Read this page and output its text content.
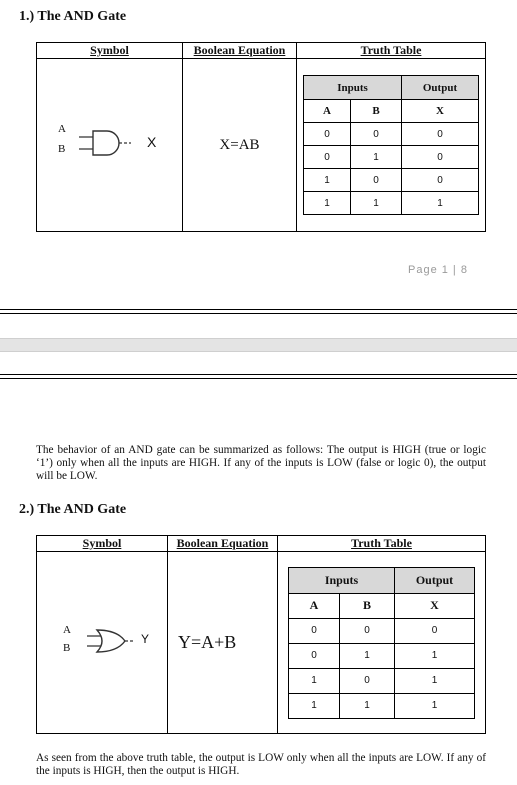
1.) The AND Gate
Symbol	Boolean Equation	Truth Table

A
B	X	X=AB	
Inputs	Output
A	B	X
0	0	0
0	1	0
1	0	0
1	1	1
Page 1 | 8
The behavior of an AND gate can be summarized as follows: The output is HIGH (true or logic ‘1’) only when all the inputs are HIGH. If any of the inputs is LOW (false or logic 0), the output will be LOW.
2.) The AND Gate
Symbol	Boolean Equation	Truth Table

A
B
Y	Y=A+B	
Inputs	Output
A	B	X
0	0	0
0	1	1
1	0	1
1	1	1
As seen from the above truth table, the output is LOW only when all the inputs are LOW. If any of the inputs is HIGH, then the output is HIGH.
